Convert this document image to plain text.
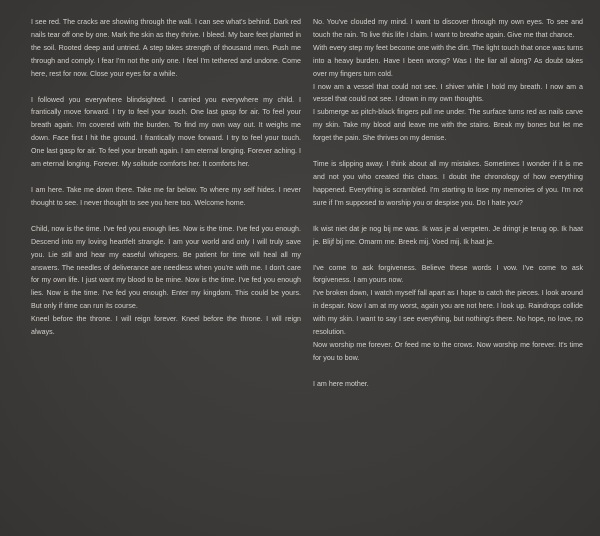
I see red. The cracks are showing through the wall. I can see what's behind. Dark red nails tear off one by one. Mark the skin as they thrive. I bleed. My bare feet planted in the soil. Rooted deep and untried. A step takes strength of thousand men. Push me through and comply. I fear I'm not the only one. I feel I'm tethered and undone. Come here, rest for now. Close your eyes for a while.

I followed you everywhere blindsighted. I carried you everywhere my child. I frantically move forward. I try to feel your touch. One last gasp for air. To feel your breath again. I'm covered with the burden. To find my own way out. It weighs me down. Face first I hit the ground. I frantically move forward. I try to feel your touch. One last gasp for air. To feel your breath again. I am eternal longing. Forever aching. I am eternal longing. Forever. My solitude comforts her. It comforts her.

I am here. Take me down there. Take me far below. To where my self hides. I never thought to see. I never thought to see you here too. Welcome home.

Child, now is the time. I've fed you enough lies. Now is the time. I've fed you enough. Descend into my loving heartfelt strangle. I am your world and only I will truly save you. Lie still and hear my easeful whispers. Be patient for time will heal all my answers. The needles of deliverance are needless when you're with me. I don't care for my own life. I just want my blood to be mine. Now is the time. I've fed you enough lies. Now is the time. I've fed you enough. Enter my kingdom. This could be yours. But only if time can run its course.
Kneel before the throne. I will reign forever. Kneel before the throne. I will reign always.

No. You've clouded my mind. I want to discover through my own eyes. To see and touch the rain. To live this life I claim. I want to breathe again. Give me that chance.
With every step my feet become one with the dirt. The light touch that once was turns into a heavy burden. Have I been wrong? Was I the liar all along? As doubt takes over my fingers turn cold.
I now am a vessel that could not see. I shiver while I hold my breath. I now am a vessel that could not see. I drown in my own thoughts.
I submerge as pitch-black fingers pull me under. The surface turns red as nails carve my skin. Take my blood and leave me with the stains. Break my bones but let me forget the pain. She thrives on my demise.

Time is slipping away. I think about all my mistakes. Sometimes I wonder if it is me and not you who created this chaos. I doubt the chronology of how everything happened. Everything is scrambled. I'm starting to lose my memories of you. I'm not sure if I'm supposed to worship you or despise you. Do I hate you?

Ik wist niet dat je nog bij me was. Ik was je al vergeten. Je dringt je terug op. Ik haat je. Blijf bij me. Omarm me. Breek mij. Voed mij. Ik haat je.

I've come to ask forgiveness. Believe these words I vow. I've come to ask forgiveness. I am yours now.
I've broken down, I watch myself fall apart as I hope to catch the pieces. I look around in despair. Now I am at my worst, again you are not here. I look up. Raindrops collide with my skin. I want to say I see everything, but nothing's there. No hope, no love, no resolution.
Now worship me forever. Or feed me to the crows. Now worship me forever. It's time for you to bow.

I am here mother.
